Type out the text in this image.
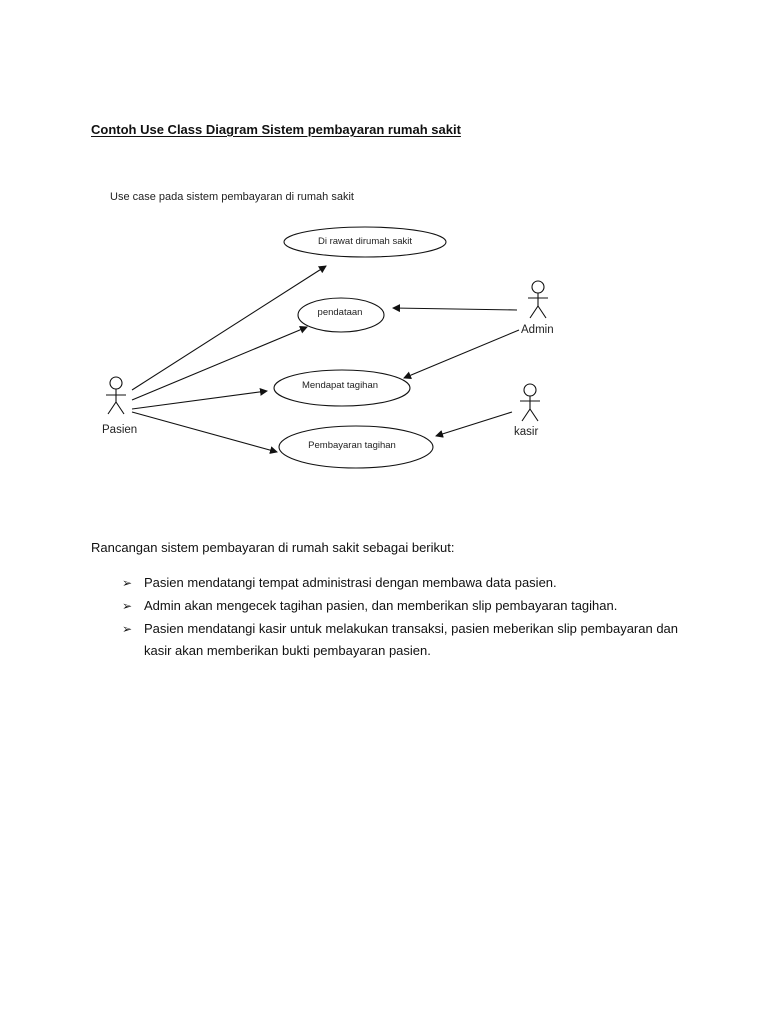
Contoh Use Class Diagram Sistem pembayaran rumah sakit
Use case pada sistem pembayaran di rumah sakit
Di rawat dirumah sakit
pendataan
Mendapat tagihan
Pembayaran tagihan
Pasien
Admin
kasir
Rancangan sistem pembayaran di rumah sakit sebagai berikut:
➢ Pasien mendatangi tempat administrasi dengan membawa data pasien.
➢ Admin akan mengecek tagihan pasien, dan memberikan slip pembayaran tagihan.
➢ Pasien mendatangi kasir untuk melakukan transaksi, pasien meberikan slip pembayaran dan kasir akan memberikan bukti pembayaran pasien.
